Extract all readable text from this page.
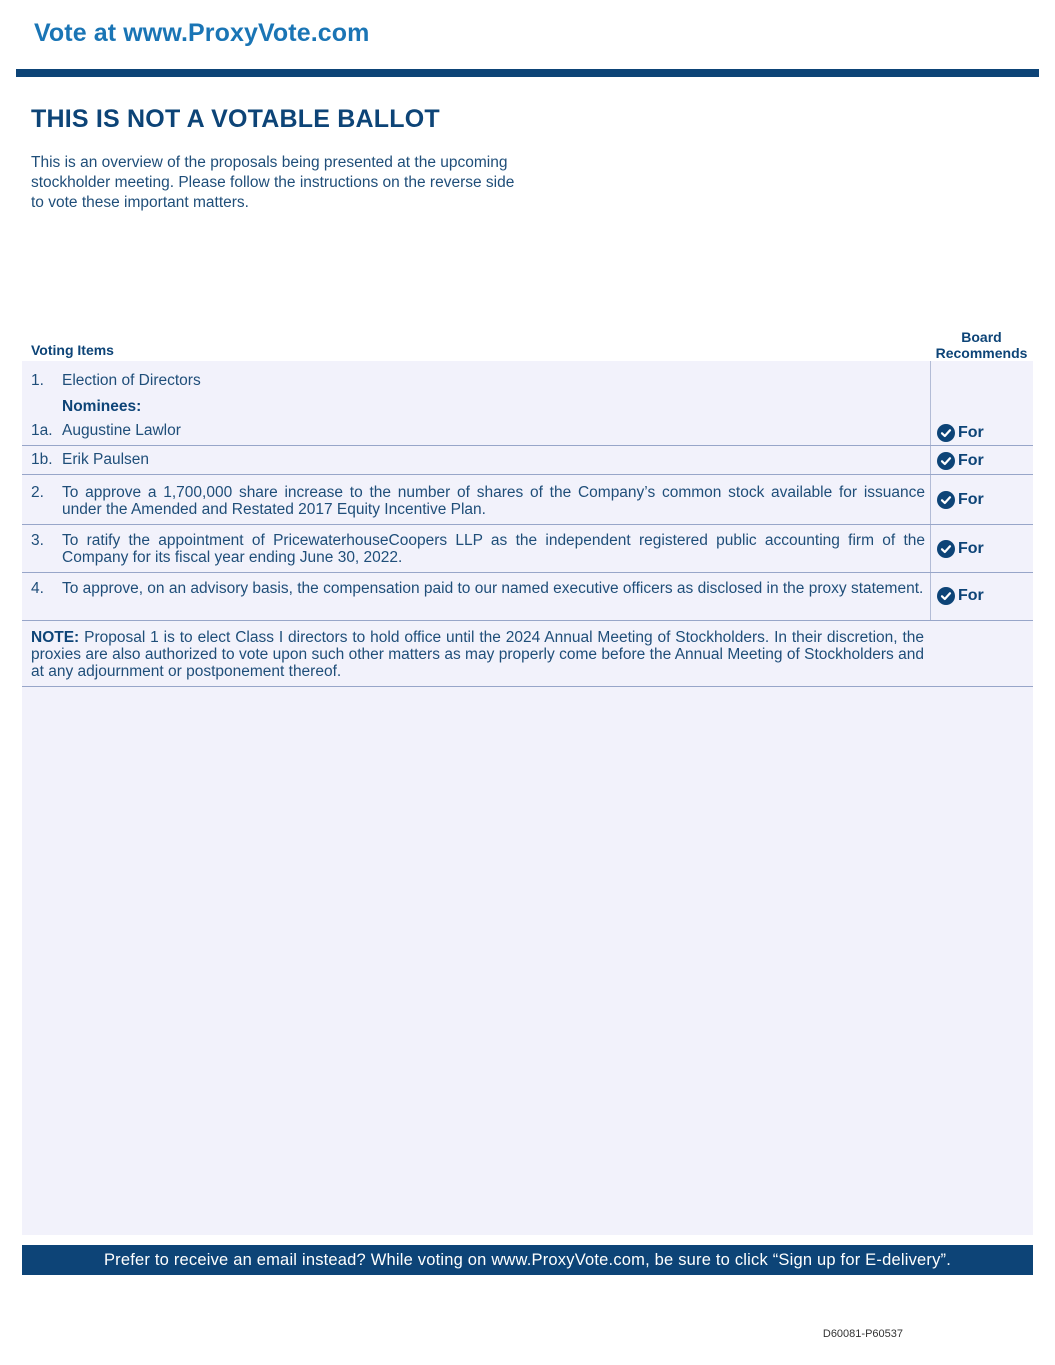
Vote at www.ProxyVote.com
THIS IS NOT A VOTABLE BALLOT

This is an overview of the proposals being presented at the upcoming stockholder meeting. Please follow the instructions on the reverse side to vote these important matters.

Voting Items
Board Recommends
1. Election of Directors
Nominees:
1a. Augustine Lawlor	For
1b. Erik Paulsen	For
2. To approve a 1,700,000 share increase to the number of shares of the Company’s common stock available for issuance under the Amended and Restated 2017 Equity Incentive Plan.
For
3. To ratify the appointment of PricewaterhouseCoopers LLP as the independent registered public accounting firm of the Company for its fiscal year ending June 30, 2022.
For
4. To approve, on an advisory basis, the compensation paid to our named executive officers as disclosed in the proxy statement. For
NOTE: Proposal 1 is to elect Class I directors to hold office until the 2024 Annual Meeting of Stockholders. In their discretion, the proxies are also authorized to vote upon such other matters as may properly come before the Annual Meeting of Stockholders and at any adjournment or postponement thereof.
Prefer to receive an email instead? While voting on www.ProxyVote.com, be sure to click “Sign up for E-delivery”.
D60081-P60537
